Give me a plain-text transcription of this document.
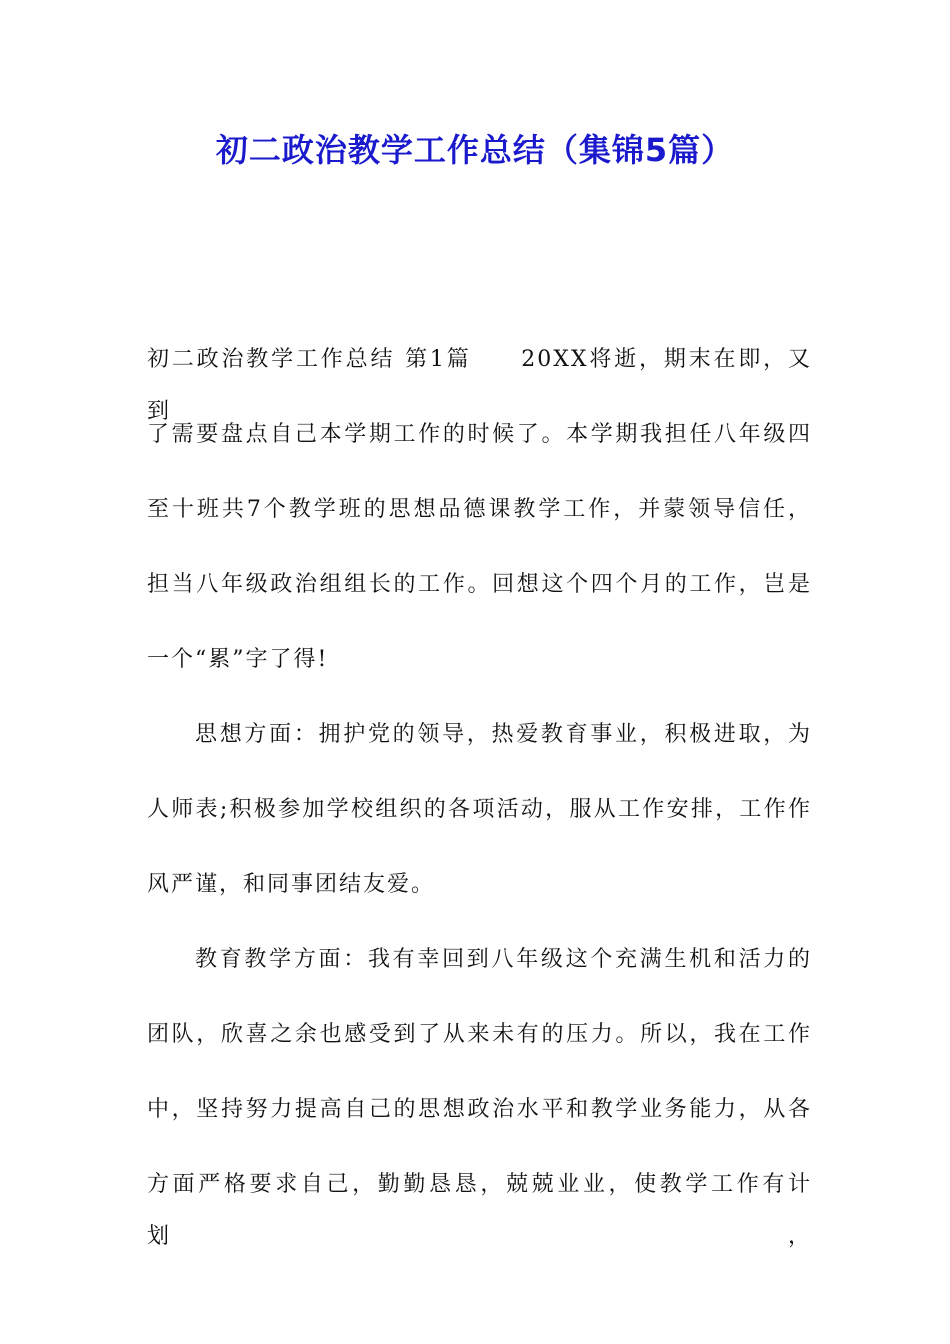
初二政治教学工作总结（集锦5篇）
初二政治教学工作总结 第1篇　　20XX将逝，期末在即，又到
了需要盘点自己本学期工作的时候了。本学期我担任八年级四
至十班共7个教学班的思想品德课教学工作，并蒙领导信任，
担当八年级政治组组长的工作。回想这个四个月的工作，岂是
一个“累”字了得!
思想方面：拥护党的领导，热爱教育事业，积极进取，为
人师表;积极参加学校组织的各项活动，服从工作安排，工作作
风严谨，和同事团结友爱。
教育教学方面：我有幸回到八年级这个充满生机和活力的
团队，欣喜之余也感受到了从来未有的压力。所以，我在工作
中，坚持努力提高自己的思想政治水平和教学业务能力，从各
方面严格要求自己，勤勤恳恳，兢兢业业，使教学工作有计划，
